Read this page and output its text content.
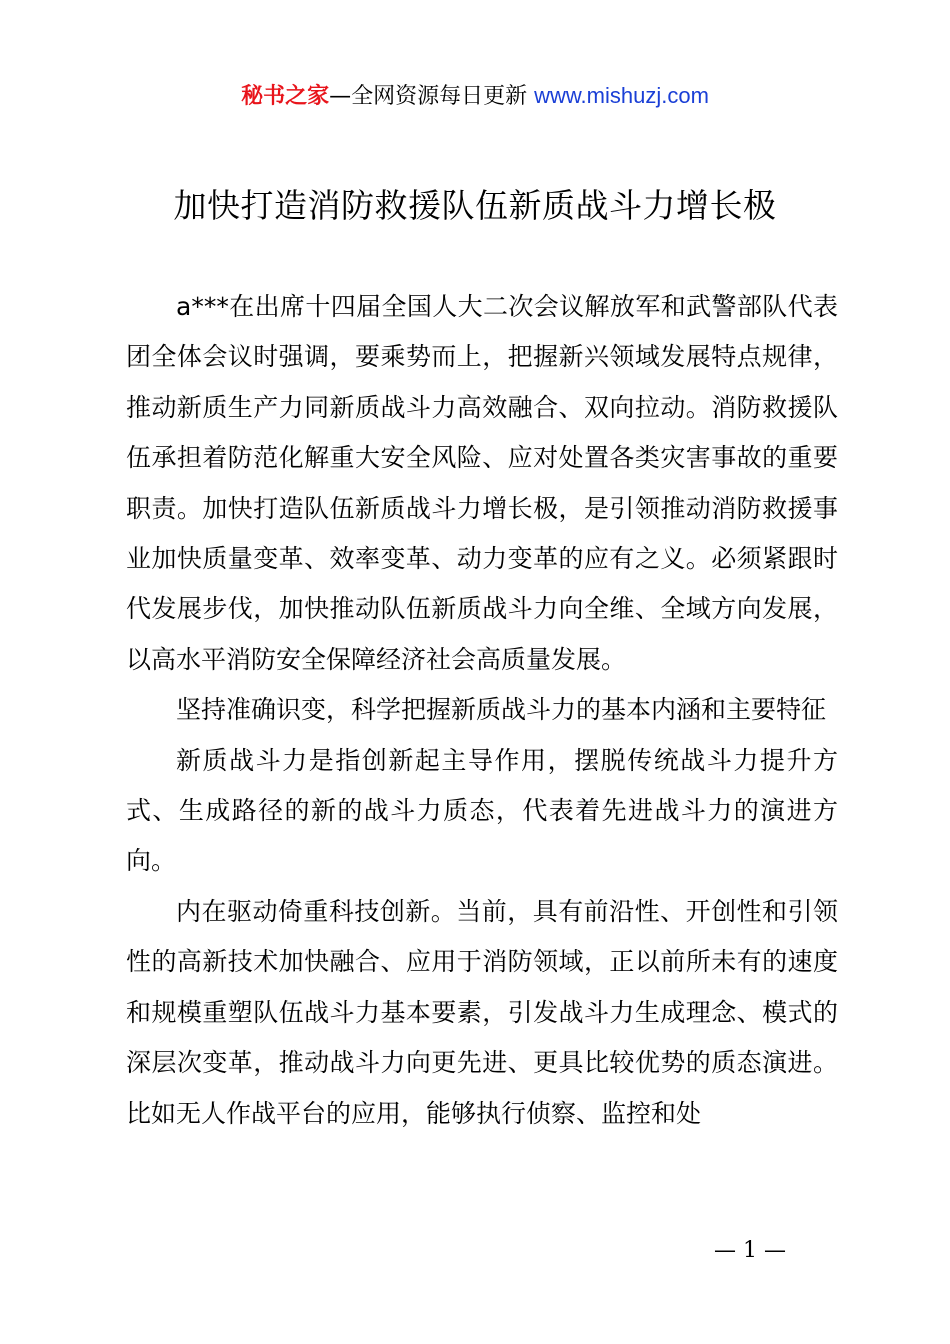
秘书之家—全网资源每日更新 www.mishuzj.com
加快打造消防救援队伍新质战斗力增长极

a***在出席十四届全国人大二次会议解放军和武警部队代表团全体会议时强调，要乘势而上，把握新兴领域发展特点规律，推动新质生产力同新质战斗力高效融合、双向拉动。消防救援队伍承担着防范化解重大安全风险、应对处置各类灾害事故的重要职责。加快打造队伍新质战斗力增长极，是引领推动消防救援事业加快质量变革、效率变革、动力变革的应有之义。必须紧跟时代发展步伐，加快推动队伍新质战斗力向全维、全域方向发展，以高水平消防安全保障经济社会高质量发展。

坚持准确识变，科学把握新质战斗力的基本内涵和主要特征

新质战斗力是指创新起主导作用，摆脱传统战斗力提升方式、生成路径的新的战斗力质态，代表着先进战斗力的演进方向。

内在驱动倚重科技创新。当前，具有前沿性、开创性和引领性的高新技术加快融合、应用于消防领域，正以前所未有的速度和规模重塑队伍战斗力基本要素，引发战斗力生成理念、模式的深层次变革，推动战斗力向更先进、更具比较优势的质态演进。比如无人作战平台的应用，能够执行侦察、监控和处

— 1 —
